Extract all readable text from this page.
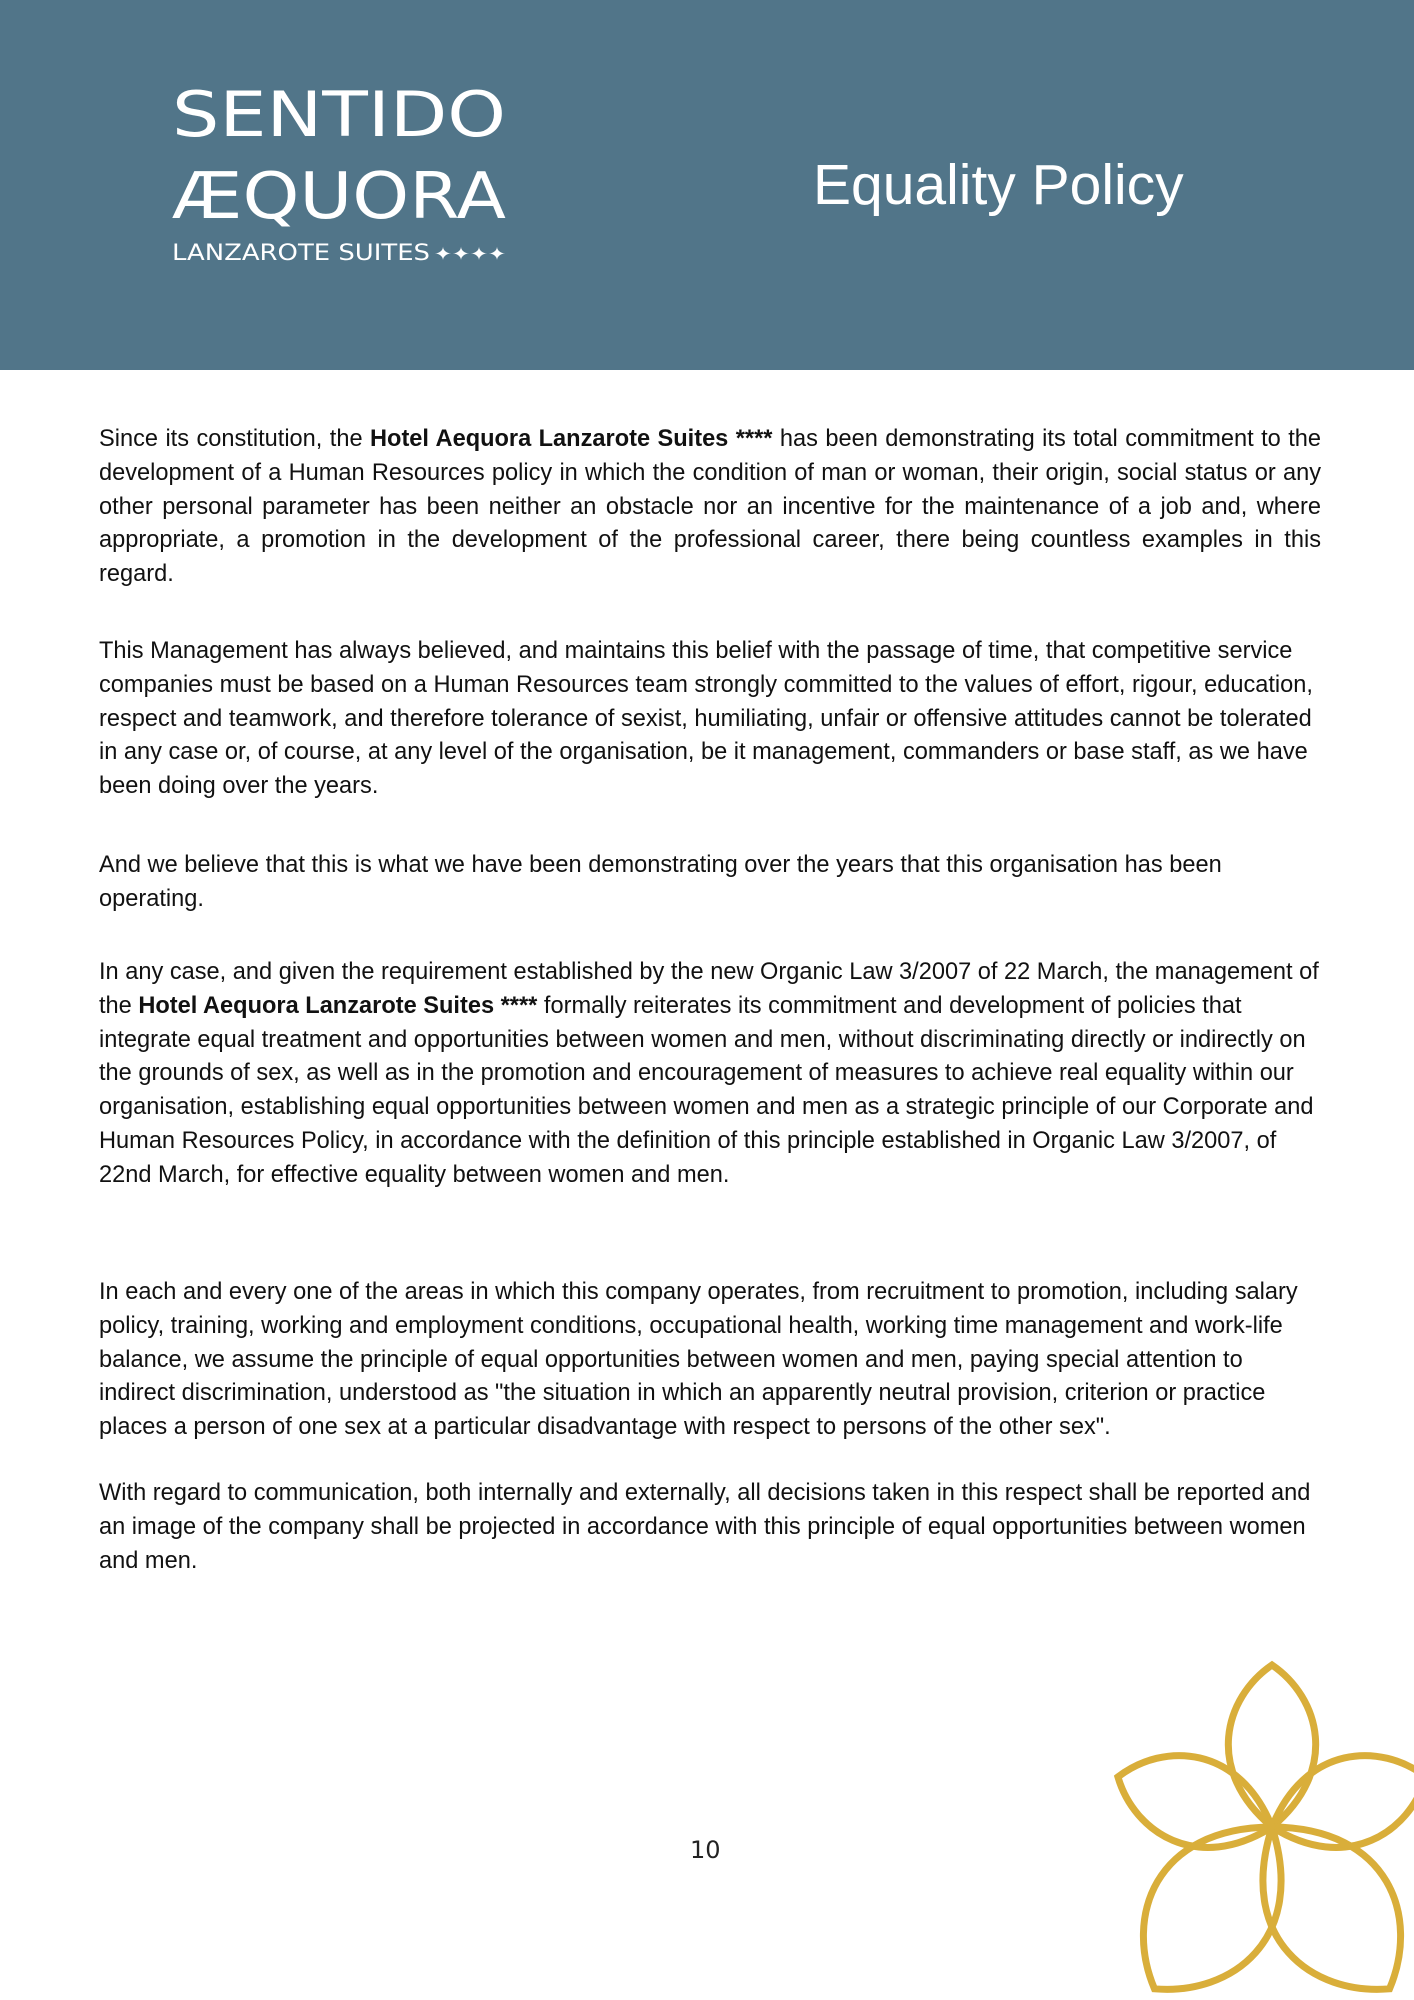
SENTIDO
ÆQUORA
LANZAROTE SUITES ✦✦✦✦
Equality Policy

Since its constitution, the Hotel Aequora Lanzarote Suites **** has been demonstrating its total commitment to the development of a Human Resources policy in which the condition of man or woman, their origin, social status or any other personal parameter has been neither an obstacle nor an incentive for the maintenance of a job and, where appropriate, a promotion in the development of the professional career, there being countless examples in this regard.

This Management has always believed, and maintains this belief with the passage of time, that competitive service companies must be based on a Human Resources team strongly committed to the values of effort, rigour, education, respect and teamwork, and therefore tolerance of sexist, humiliating, unfair or offensive attitudes cannot be tolerated in any case or, of course, at any level of the organisation, be it management, commanders or base staff, as we have been doing over the years.

And we believe that this is what we have been demonstrating over the years that this organisation has been operating.

In any case, and given the requirement established by the new Organic Law 3/2007 of 22 March, the management of the Hotel Aequora Lanzarote Suites **** formally reiterates its commitment and development of policies that integrate equal treatment and opportunities between women and men, without discriminating directly or indirectly on the grounds of sex, as well as in the promotion and encouragement of measures to achieve real equality within our organisation, establishing equal opportunities between women and men as a strategic principle of our Corporate and Human Resources Policy, in accordance with the definition of this principle established in Organic Law 3/2007, of 22nd March, for effective equality between women and men.

In each and every one of the areas in which this company operates, from recruitment to promotion, including salary policy, training, working and employment conditions, occupational health, working time management and work-life balance, we assume the principle of equal opportunities between women and men, paying special attention to indirect discrimination, understood as "the situation in which an apparently neutral provision, criterion or practice places a person of one sex at a particular disadvantage with respect to persons of the other sex".

With regard to communication, both internally and externally, all decisions taken in this respect shall be reported and an image of the company shall be projected in accordance with this principle of equal opportunities between women and men.

10
